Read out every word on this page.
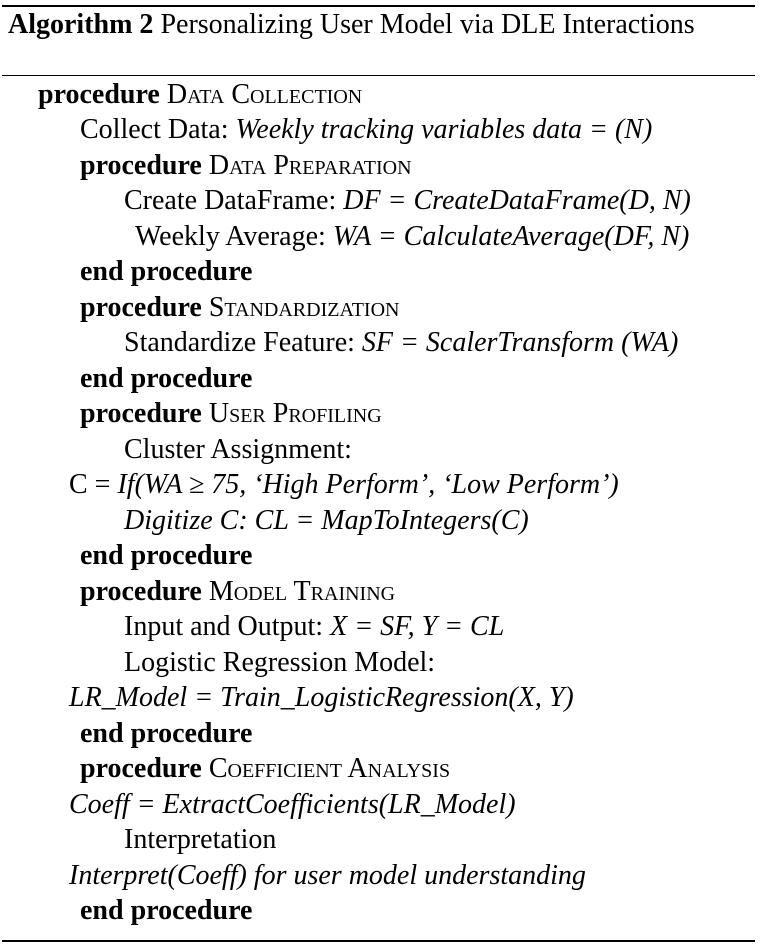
Algorithm 2 Personalizing User Model via DLE Interactions
procedure Data Collection
Collect Data: Weekly tracking variables data = (N)
procedure Data Preparation
Create DataFrame: DF = CreateDataFrame(D, N)
Weekly Average: WA = CalculateAverage(DF, N)
end procedure
procedure Standardization
Standardize Feature: SF = ScalerTransform (WA)
end procedure
procedure User Profiling
Cluster Assignment:
C = If(WA ≥ 75, ‘High Perform’, ‘Low Perform’)
Digitize C: CL = MapToIntegers(C)
end procedure
procedure Model Training
Input and Output: X = SF, Y = CL
Logistic Regression Model:
LR_Model = Train_LogisticRegression(X, Y)
end procedure
procedure Coefficient Analysis
Coeff = ExtractCoefficients(LR_Model)
Interpretation
Interpret(Coeff) for user model understanding
end procedure
